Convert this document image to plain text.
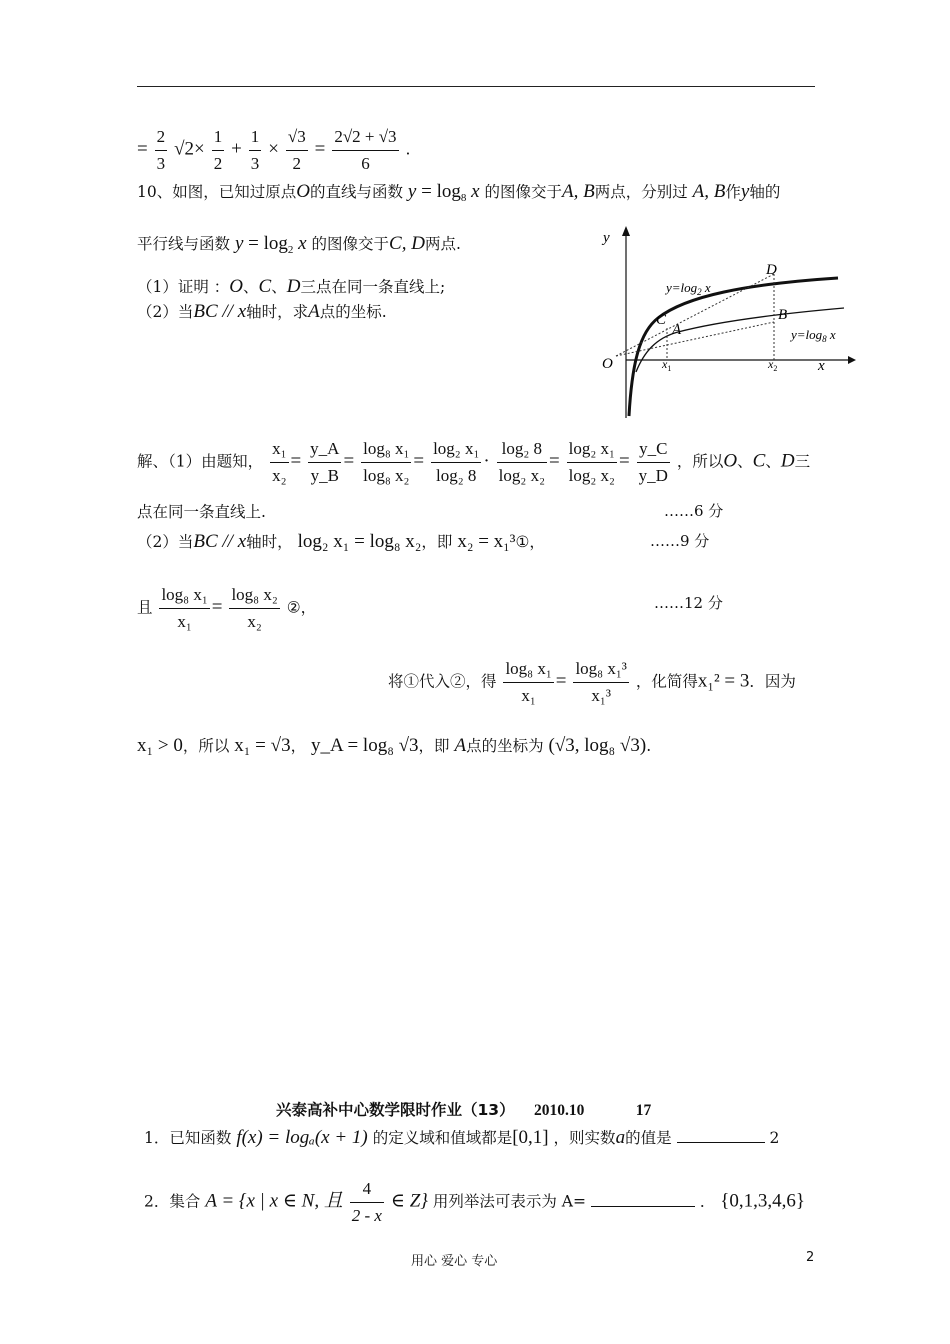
= $\frac{2}{3} √2\times \frac{1}{2} + \frac{1}{3} \times \frac{√3}{2} = \frac{2√2 + √3}{6}$ .
10、如图，已知过原点O的直线与函数 $y = \log_8 x$ 的图像交于A, B两点，分别过 A, B作y轴的
平行线与函数 $y = \log_2 x$ 的图像交于C, D两点.
（1）证明 ：O、C、D三点在同一条直线上;
（2）当BC // x轴时，求A点的坐标.
y
x
O
$y=\log_2$ x
$y=\log_8$ x
C
A
D
B
$x_1$	$x_2$
解、（1）由题知， $\frac{\text{x₁}}{\text{x₂}} = \frac{y\_A}{y\_B} = \frac{\text{log₈ x₁}}{\text{log₈ x₂}} = \frac{\text{log₂ x₁}}{\text{log₂ 8}} \cdot \frac{\text{log₂ 8}}{\text{log₂ x₂}} = \frac{\text{log₂ x₁}}{\text{log₂ x₂}} = \frac{y\_C}{y\_D}$ ，所以O、C、D三
点在同一条直线上.	……6 分
（2）当BC // x轴时， log₂ x₁ = log₈ x₂，即 x₂ = x₁³①，	……9 分
且 $\frac{\text{log₈ x₁}}{\text{x₁}} = \frac{\text{log₈ x₂}}{\text{x₂}}$ ②，	……12 分
将①代入②，得 $\frac{\text{log₈ x₁}}{\text{x₁}} = \frac{\text{log₈ x₁³}}{\text{x₁³}}$ ，化简得x₁² = 3．因为
x₁ > 0，所以 x₁ = √3， y_A = log₈ √3，即 A点的坐标为 (√3, log₈ √3).
兴泰高补中心数学限时作业（13） 2010.10	17
1．已知函数 f(x) = logₐ(x + 1) 的定义域和值域都是[0,1] ，则实数a的值是	2
2．集合 A = {x | x ∈ N, 且 $\frac{4}{2 - x}$ ∈ Z} 用列举法可表示为 A=	． {0,1,3,4,6}
用心 爱心 专心	2
